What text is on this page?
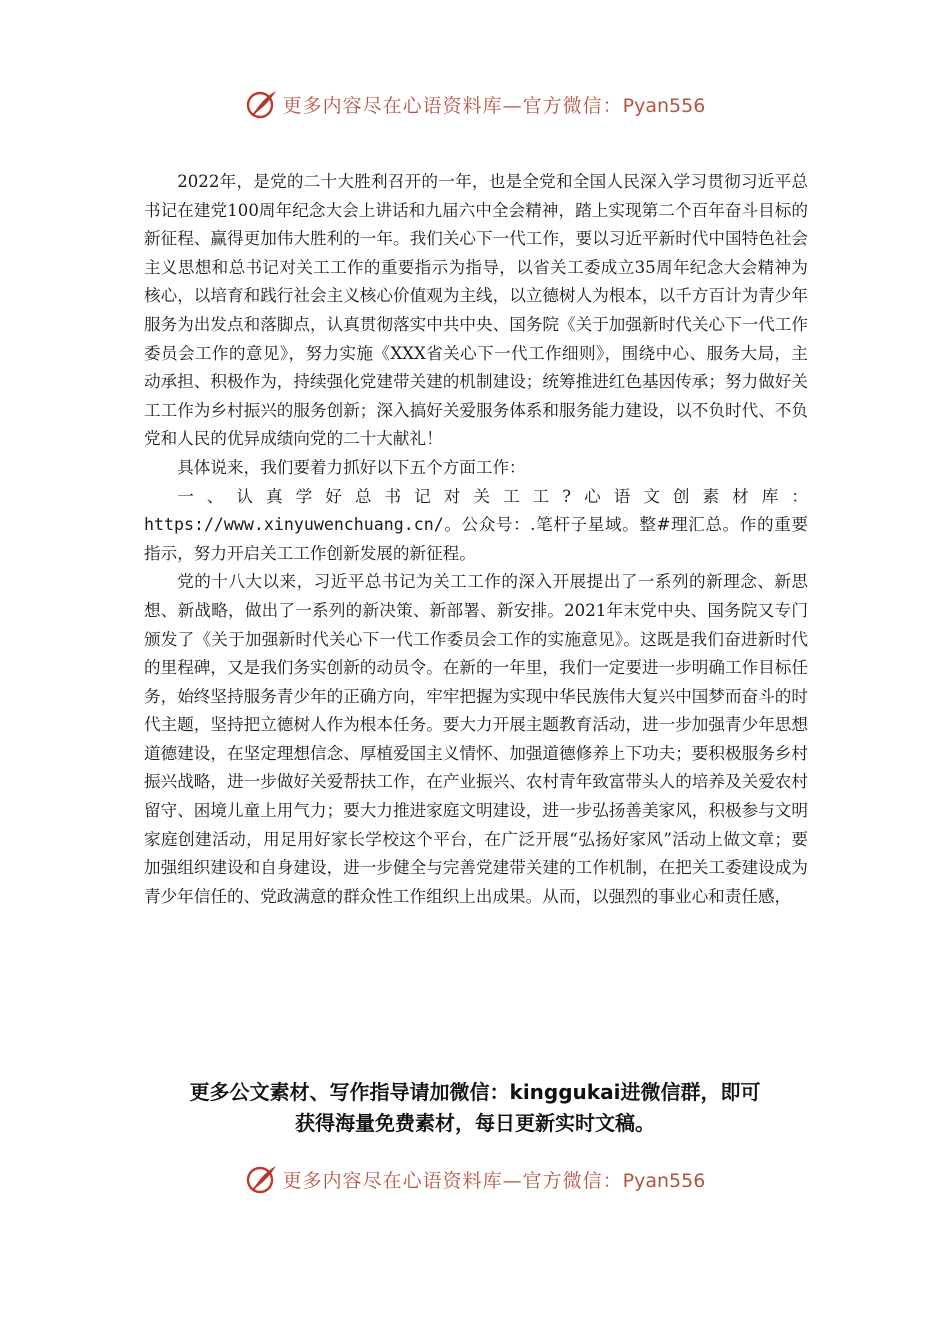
更多内容尽在心语资料库—官方微信：Pyan556

2022年，是党的二十大胜利召开的一年，也是全党和全国人民深入学习贯彻习近平总书记在建党100周年纪念大会上讲话和九届六中全会精神，踏上实现第二个百年奋斗目标的新征程、赢得更加伟大胜利的一年。我们关心下一代工作，要以习近平新时代中国特色社会主义思想和总书记对关工工作的重要指示为指导，以省关工委成立35周年纪念大会精神为核心，以培育和践行社会主义核心价值观为主线，以立德树人为根本，以千方百计为青少年服务为出发点和落脚点，认真贯彻落实中共中央、国务院《关于加强新时代关心下一代工作委员会工作的意见》，努力实施《XXX省关心下一代工作细则》，围绕中心、服务大局，主动承担、积极作为，持续强化党建带关建的机制建设；统筹推进红色基因传承；努力做好关工工作为乡村振兴的服务创新；深入搞好关爱服务体系和服务能力建设，以不负时代、不负党和人民的优异成绩向党的二十大献礼！

具体说来，我们要着力抓好以下五个方面工作：

一、认真学好总书记对关工工?心语文创素材库：https://www.xinyuwenchuang.cn/。公众号：.笔杆子星域。整#理汇总。作的重要指示，努力开启关工工作创新发展的新征程。

党的十八大以来，习近平总书记为关工工作的深入开展提出了一系列的新理念、新思想、新战略，做出了一系列的新决策、新部署、新安排。2021年末党中央、国务院又专门颁发了《关于加强新时代关心下一代工作委员会工作的实施意见》。这既是我们奋进新时代的里程碑，又是我们务实创新的动员令。在新的一年里，我们一定要进一步明确工作目标任务，始终坚持服务青少年的正确方向，牢牢把握为实现中华民族伟大复兴中国梦而奋斗的时代主题，坚持把立德树人作为根本任务。要大力开展主题教育活动，进一步加强青少年思想道德建设，在坚定理想信念、厚植爱国主义情怀、加强道德修养上下功夫；要积极服务乡村振兴战略，进一步做好关爱帮扶工作，在产业振兴、农村青年致富带头人的培养及关爱农村留守、困境儿童上用气力；要大力推进家庭文明建设，进一步弘扬善美家风，积极参与文明家庭创建活动，用足用好家长学校这个平台，在广泛开展“弘扬好家风”活动上做文章；要加强组织建设和自身建设，进一步健全与完善党建带关建的工作机制，在把关工委建设成为青少年信任的、党政满意的群众性工作组织上出成果。从而，以强烈的事业心和责任感，

更多公文素材、写作指导请加微信：kinggukai进微信群，即可
获得海量免费素材，每日更新实时文稿。
更多内容尽在心语资料库—官方微信：Pyan556
